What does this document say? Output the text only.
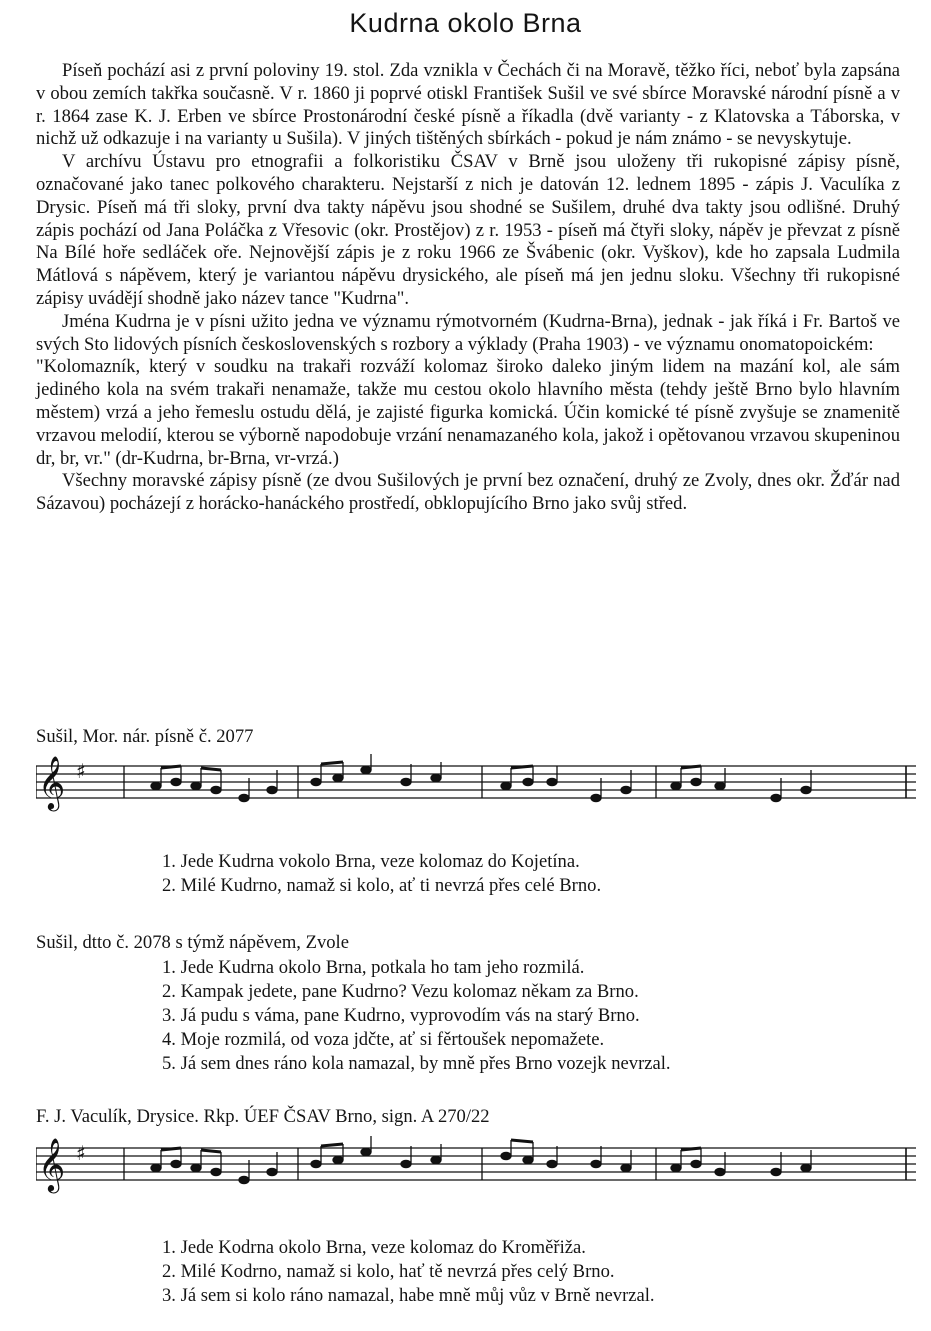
Kudrna okolo Brna

Píseň pochází asi z první poloviny 19. stol. Zda vznikla v Čechách či na Moravě, těžko říci, neboť byla zapsána v obou zemích takřka současně. V r. 1860 ji poprvé otiskl František Sušil ve své sbírce Moravské národní písně a v r. 1864 zase K. J. Erben ve sbírce Prostonárodní české písně a říkadla (dvě varianty - z Klatovska a Táborska, v nichž už odkazuje i na varianty u Sušila). V jiných tištěných sbírkách - pokud je nám známo - se nevyskytuje.

V archívu Ústavu pro etnografii a folkoristiku ČSAV v Brně jsou uloženy tři rukopisné zápisy písně, označované jako tanec polkového charakteru. Nejstarší z nich je datován 12. lednem 1895 - zápis J. Vaculíka z Drysic. Píseň má tři sloky, první dva takty nápěvu jsou shodné se Sušilem, druhé dva takty jsou odlišné. Druhý zápis pochází od Jana Poláčka z Vřesovic (okr. Prostějov) z r. 1953 - píseň má čtyři sloky, nápěv je převzat z písně Na Bílé hoře sedláček oře. Nejnovější zápis je z roku 1966 ze Švábenic (okr. Vyškov), kde ho zapsala Ludmila Mátlová s nápěvem, který je variantou nápěvu drysického, ale píseň má jen jednu sloku. Všechny tři rukopisné zápisy uvádějí shodně jako název tance "Kudrna".

Jména Kudrna je v písni užito jedna ve významu rýmotvorném (Kudrna-Brna), jednak - jak říká i Fr. Bartoš ve svých Sto lidových písních československých s rozbory a výklady (Praha 1903) - ve významu onomatopoickém:

"Kolomazník, který v soudku na trakaři rozváží kolomaz široko daleko jiným lidem na mazání kol, ale sám jediného kola na svém trakaři nenamaže, takže mu cestou okolo hlavního města (tehdy ještě Brno bylo hlavním městem) vrzá a jeho řemeslu ostudu dělá, je zajisté figurka komická. Účin komické té písně zvyšuje se znamenitě vrzavou melodií, kterou se výborně napodobuje vrzání nenamazaného kola, jakož i opětovanou vrzavou skupeninou dr, br, vr." (dr-Kudrna, br-Brna, vr-vrzá.)

Všechny moravské zápisy písně (ze dvou Sušilových je první bez označení, druhý ze Zvoly, dnes okr. Žďár nad Sázavou) pocházejí z horácko-hanáckého prostředí, obklopujícího Brno jako svůj střed.

Sušil, Mor. nár. písně č. 2077
𝄞 ♯
1. Jede Kudrna vokolo Brna, veze kolomaz do Kojetína.
2. Milé Kudrno, namaž si kolo, ať ti nevrzá přes celé Brno.
Sušil, dtto č. 2078 s týmž nápěvem, Zvole
1. Jede Kudrna okolo Brna, potkala ho tam jeho rozmilá.
2. Kampak jedete, pane Kudrno? Vezu kolomaz někam za Brno.
3. Já pudu s váma, pane Kudrno, vyprovodím vás na starý Brno.
4. Moje rozmilá, od voza jdčte, ať si fěrtoušek nepomažete.
5. Já sem dnes ráno kola namazal, by mně přes Brno vozejk nevrzal.
F. J. Vaculík, Drysice. Rkp. ÚEF ČSAV Brno, sign. A 270/22
𝄞 ♯
1. Jede Kodrna okolo Brna, veze kolomaz do Kroměřiža.
2. Milé Kodrno, namaž si kolo, hať tě nevrzá přes celý Brno.
3. Já sem si kolo ráno namazal, habe mně můj vůz v Brně nevrzal.
